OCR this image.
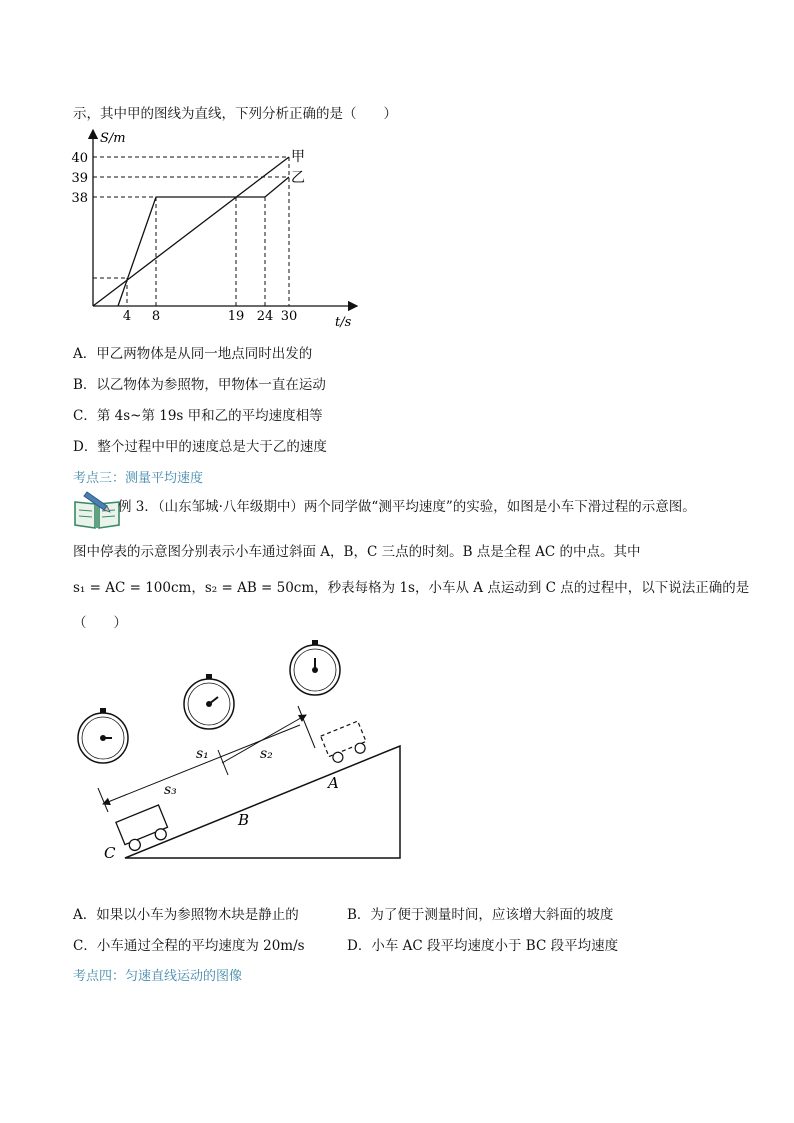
示，其中甲的图线为直线，下列分析正确的是（　　）
S/m
t/s
40
39
38
4 8	19 24 30
甲
乙
A．甲乙两物体是从同一地点同时出发的
B．以乙物体为参照物，甲物体一直在运动
C．第 4s~第 19s 甲和乙的平均速度相等
D．整个过程中甲的速度总是大于乙的速度
考点三：测量平均速度
例 3．（山东邹城·八年级期中）两个同学做“测平均速度”的实验，如图是小车下滑过程的示意图。
图中停表的示意图分别表示小车通过斜面 A，B，C 三点的时刻。B 点是全程 AC 的中点。其中
s₁ = AC = 100cm，s₂ = AB = 50cm，秒表每格为 1s，小车从 A 点运动到 C 点的过程中，以下说法正确的是
（　　）
s₁	s₂
s₃	A
B
C
A．如果以小车为参照物木块是静止的	B．为了便于测量时间，应该增大斜面的坡度
C．小车通过全程的平均速度为 20m/s	D．小车 AC 段平均速度小于 BC 段平均速度
考点四：匀速直线运动的图像
